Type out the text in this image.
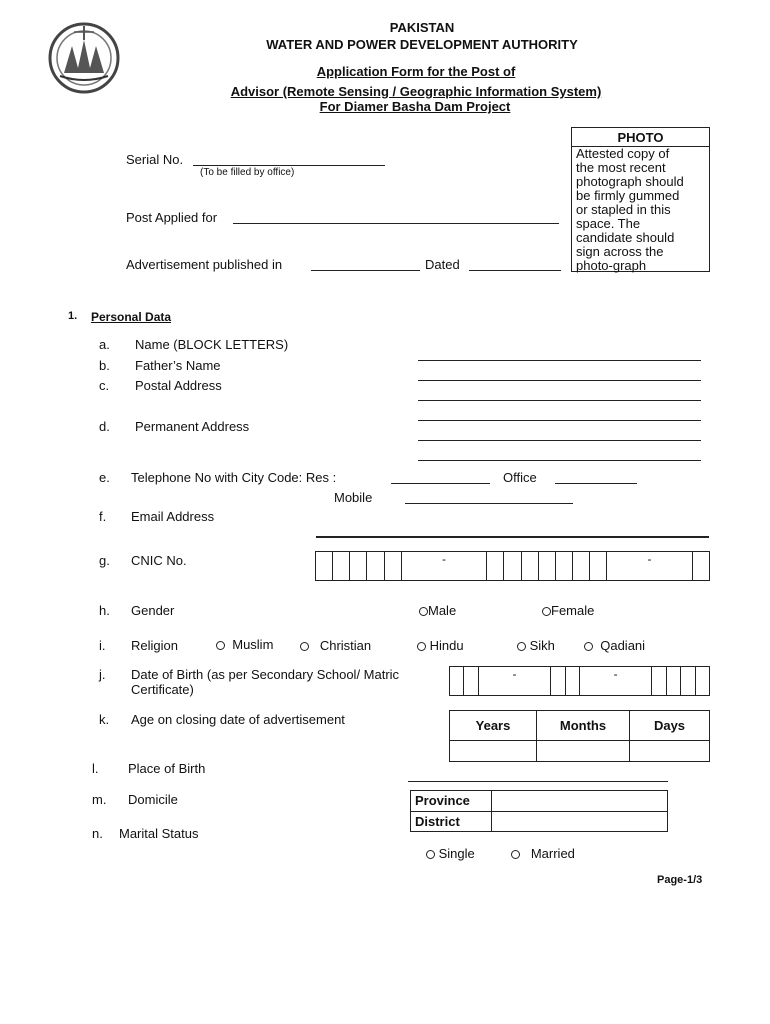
PAKISTAN
WATER AND POWER DEVELOPMENT AUTHORITY
Application Form for the Post of
Advisor (Remote Sensing / Geographic Information System)
For Diamer Basha Dam Project
PHOTO
Attested copy of
the most recent
photograph should
be firmly gummed
or stapled in this
space. The
candidate should
sign across the
photo-graph
Serial No.
(To be filled by office)
Post Applied for
Advertisement published in	Dated
1. Personal Data
a. Name (BLOCK LETTERS)
b. Father’s Name
c. Postal Address
d. Permanent Address
e. Telephone No with City Code: Res :	Office
Mobile
f. Email Address
g. CNIC No.
						-								-	
h. Gender	Male	Female
i. Religion	Muslim	Christian	Hindu	Sikh	Qadiani
j. Date of Birth (as per Secondary School/ Matric
Certificate)
		-			-				
k. Age on closing date of advertisement	Years	Months	Days

l. Place of Birth
m. Domicile	Province	
District	
n. Marital Status
Single	Married
Page-1/3
